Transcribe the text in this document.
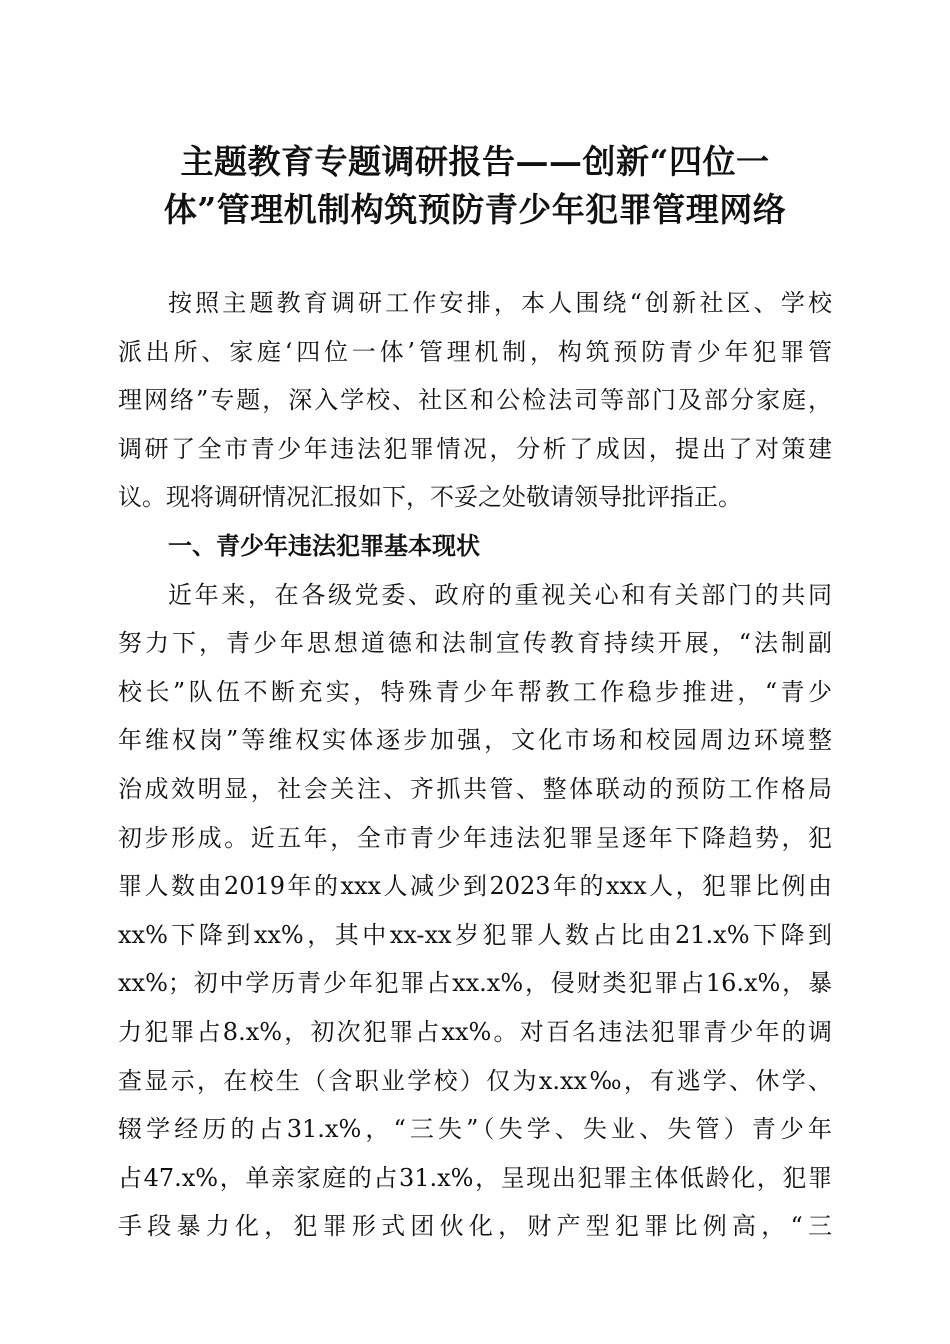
主题教育专题调研报告——创新“四位一
体”管理机制构筑预防青少年犯罪管理网络
按照主题教育调研工作安排，本人围绕“创新社区、学校
派出所、家庭‘四位一体’管理机制，构筑预防青少年犯罪管
理网络”专题，深入学校、社区和公检法司等部门及部分家庭，
调研了全市青少年违法犯罪情况，分析了成因，提出了对策建
议。现将调研情况汇报如下，不妥之处敬请领导批评指正。
一、青少年违法犯罪基本现状
近年来，在各级党委、政府的重视关心和有关部门的共同
努力下，青少年思想道德和法制宣传教育持续开展，“法制副
校长”队伍不断充实，特殊青少年帮教工作稳步推进，“青少
年维权岗”等维权实体逐步加强，文化市场和校园周边环境整
治成效明显，社会关注、齐抓共管、整体联动的预防工作格局
初步形成。近五年，全市青少年违法犯罪呈逐年下降趋势，犯
罪人数由2019年的xxx人减少到2023年的xxx人，犯罪比例由
xx%下降到xx%，其中xx-xx岁犯罪人数占比由21.x%下降到
xx%；初中学历青少年犯罪占xx.x%，侵财类犯罪占16.x%，暴
力犯罪占8.x%，初次犯罪占xx%。对百名违法犯罪青少年的调
查显示，在校生（含职业学校）仅为x.xx‰，有逃学、休学、
辍学经历的占31.x%，“三失”（失学、失业、失管）青少年
占47.x%，单亲家庭的占31.x%，呈现出犯罪主体低龄化，犯罪
手段暴力化，犯罪形式团伙化，财产型犯罪比例高，“三
